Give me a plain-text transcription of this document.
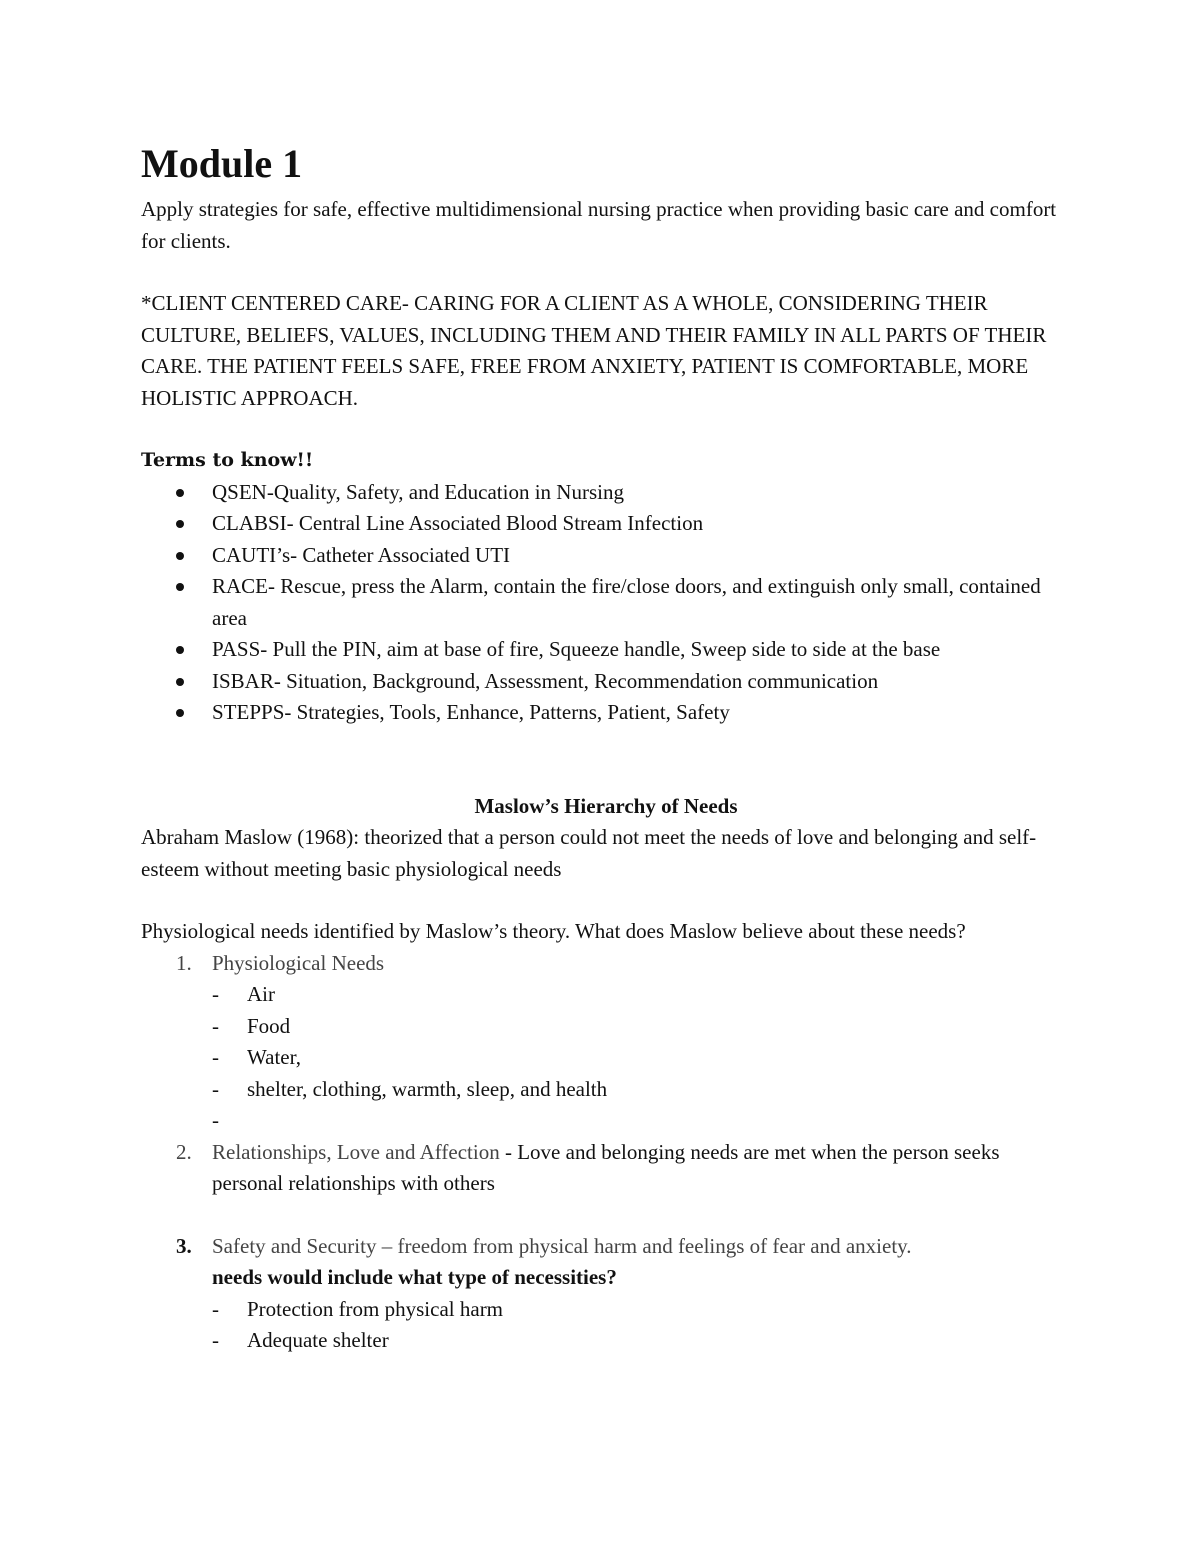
Module 1

Apply strategies for safe, effective multidimensional nursing practice when providing basic care and comfort for clients.

*CLIENT CENTERED CARE- CARING FOR A CLIENT AS A WHOLE, CONSIDERING THEIR CULTURE, BELIEFS, VALUES, INCLUDING THEM AND THEIR FAMILY IN ALL PARTS OF THEIR CARE. THE PATIENT FEELS SAFE, FREE FROM ANXIETY, PATIENT IS COMFORTABLE, MORE HOLISTIC APPROACH.

Terms to know!!

QSEN-Quality, Safety, and Education in Nursing
CLABSI- Central Line Associated Blood Stream Infection
CAUTI’s- Catheter Associated UTI
RACE- Rescue, press the Alarm, contain the fire/close doors, and extinguish only small, contained area
PASS- Pull the PIN, aim at base of fire, Squeeze handle, Sweep side to side at the base
ISBAR- Situation, Background, Assessment, Recommendation communication
STEPPS- Strategies, Tools, Enhance, Patterns, Patient, Safety

Maslow’s Hierarchy of Needs

Abraham Maslow (1968): theorized that a person could not meet the needs of love and belonging and self-esteem without meeting basic physiological needs

Physiological needs identified by Maslow’s theory. What does Maslow believe about these needs?

1. Physiological Needs
- Air
- Food
- Water,
- shelter, clothing, warmth, sleep, and health
-
2. Relationships, Love and Affection - Love and belonging needs are met when the person seeks personal relationships with others
3. Safety and Security – freedom from physical harm and feelings of fear and anxiety.
needs would include what type of necessities?
- Protection from physical harm
- Adequate shelter
